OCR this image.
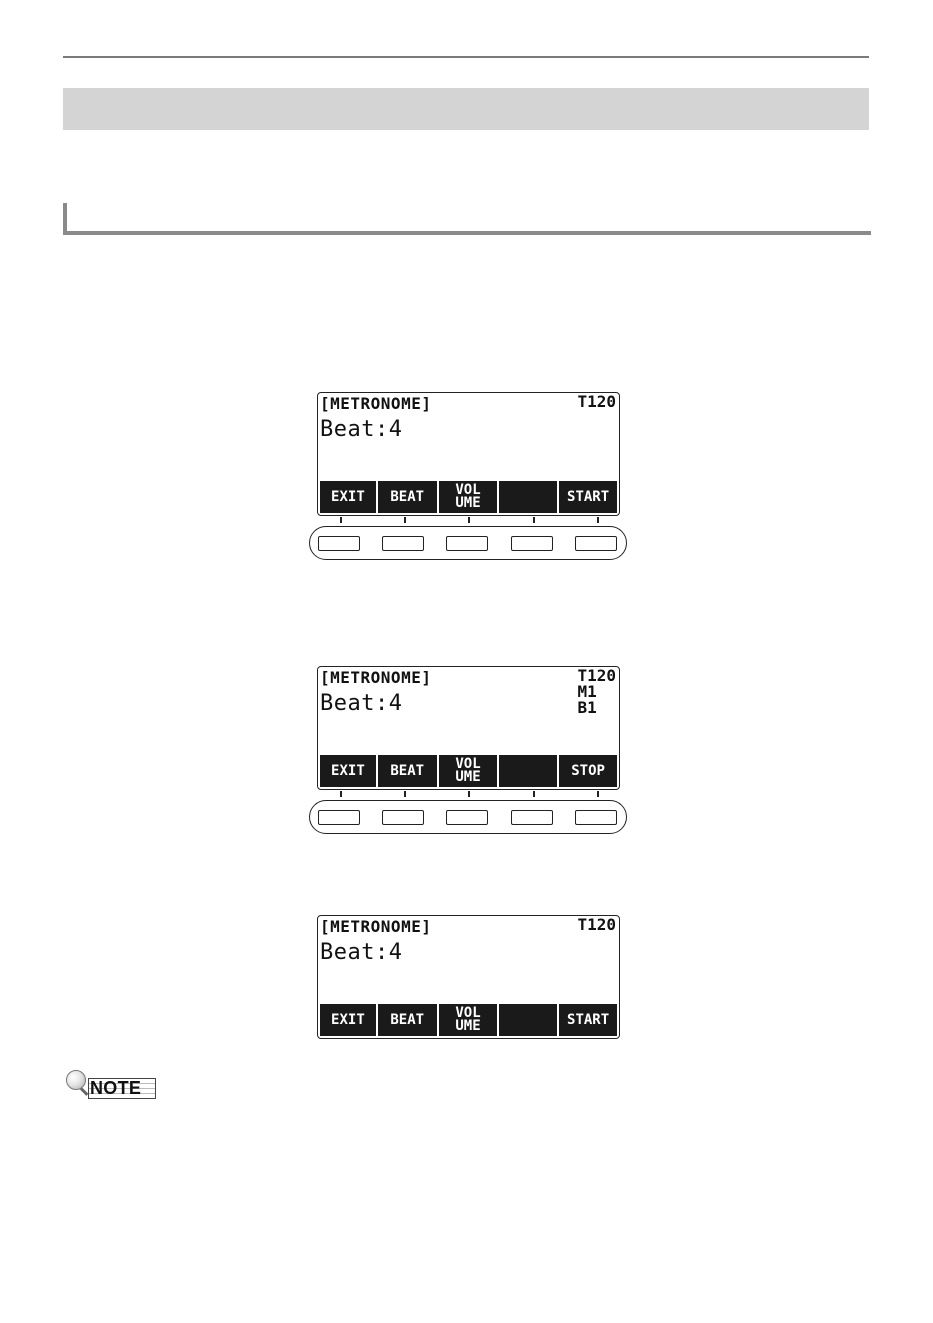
[METRONOME]	T120
Beat:4
EXIT	BEAT	VOL
UME	START
[METRONOME]	T120
M1
B1
Beat:4
EXIT	BEAT	VOL
UME	STOP
[METRONOME]	T120
Beat:4
EXIT	BEAT	VOL
UME	START
NOTE
